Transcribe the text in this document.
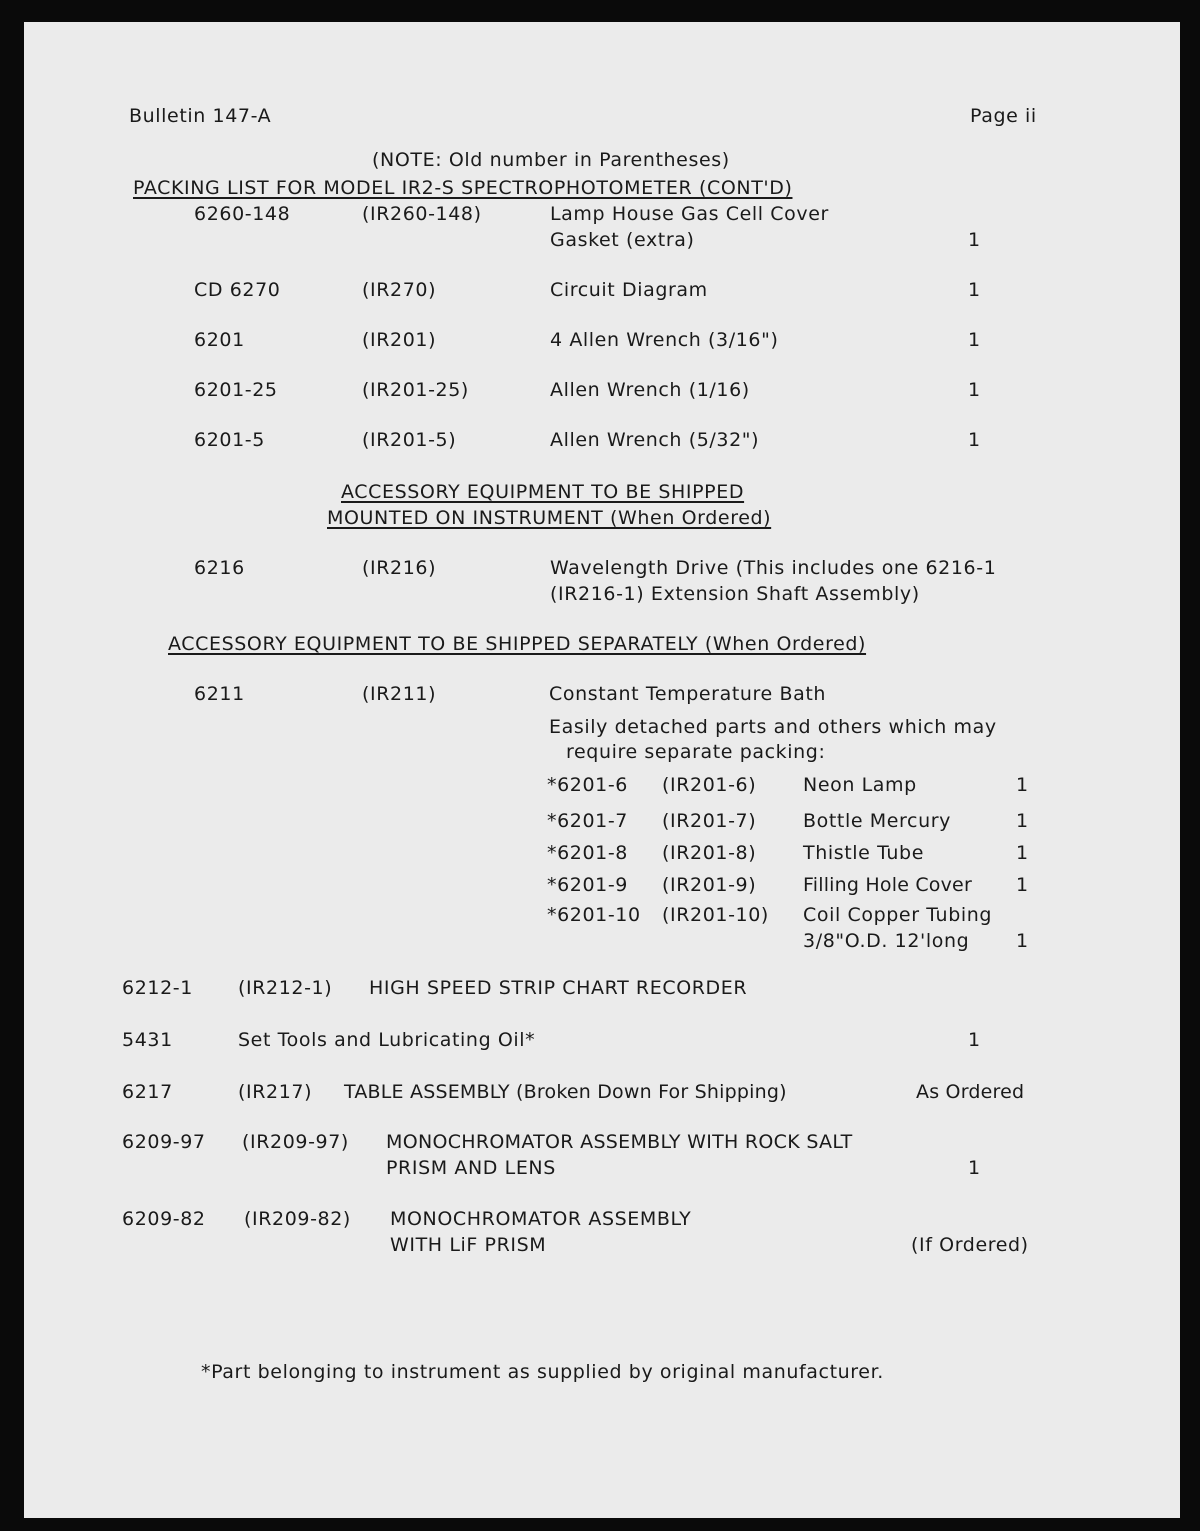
Bulletin 147-A	Page ii
(NOTE: Old number in Parentheses)
PACKING LIST FOR MODEL IR2-S SPECTROPHOTOMETER (CONT'D)
6260-148	(IR260-148)	Lamp House Gas Cell Cover
Gasket (extra)	1
CD 6270	(IR270)	Circuit Diagram	1
6201	(IR201)	4 Allen Wrench (3/16")	1
6201-25	(IR201-25)	Allen Wrench (1/16)	1
6201-5	(IR201-5)	Allen Wrench (5/32")	1
ACCESSORY EQUIPMENT TO BE SHIPPED
MOUNTED ON INSTRUMENT (When Ordered)
6216	(IR216)	Wavelength Drive (This includes one 6216-1
(IR216-1) Extension Shaft Assembly)
ACCESSORY EQUIPMENT TO BE SHIPPED SEPARATELY (When Ordered)
6211	(IR211)	Constant Temperature Bath
Easily detached parts and others which may
require separate packing:
*6201-6 (IR201-6) Neon Lamp	1
*6201-7 (IR201-7) Bottle Mercury	1
*6201-8 (IR201-8) Thistle Tube	1
*6201-9 (IR201-9) Filling Hole Cover 1
*6201-10 (IR201-10) Coil Copper Tubing
3/8"O.D. 12'long 1
6212-1 (IR212-1) HIGH SPEED STRIP CHART RECORDER
5431	Set Tools and Lubricating Oil*	1
6217	(IR217) TABLE ASSEMBLY (Broken Down For Shipping)	As Ordered
6209-97 (IR209-97) MONOCHROMATOR ASSEMBLY WITH ROCK SALT
PRISM AND LENS	1
6209-82 (IR209-82) MONOCHROMATOR ASSEMBLY
WITH LiF PRISM	(If Ordered)
*Part belonging to instrument as supplied by original manufacturer.
